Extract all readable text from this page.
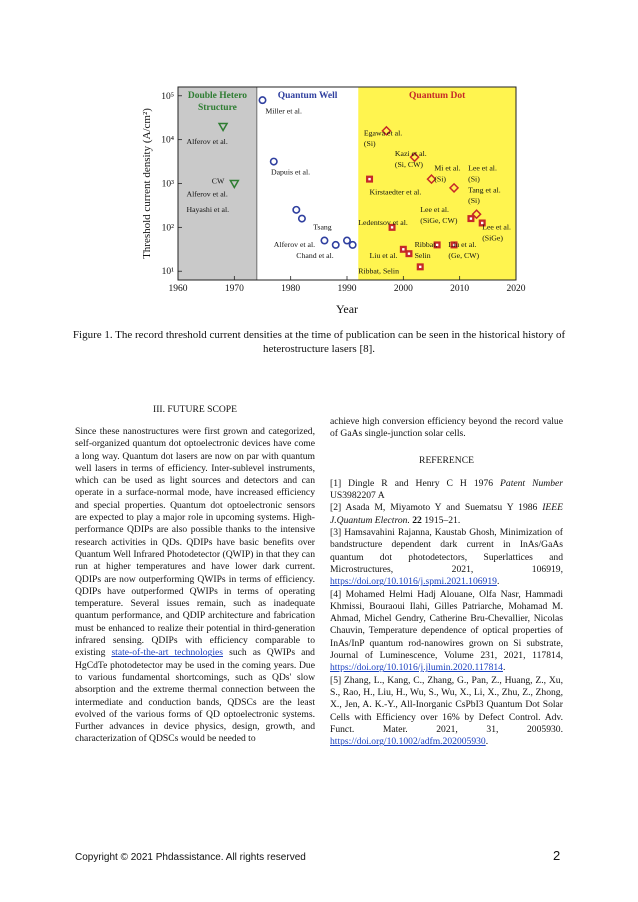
Double Hetero
Structure
Quantum Well	Quantum Dot
1960	1970	1980	1990	2000	2010	2020
10¹
10²
10³
10⁴
10⁵
Year
Threshold current density (A/cm²)	Miller et al.
Alferov et al.
CW
Alferov et al.
Hayashi et al.
Dapuis et al.
Tsang
Alferov et al.
Chand et al.
Egawa et al.
(Si)
Kazi et al.
(Si, CW) Mi et al.
(Si)
Lee et al.
(Si)
Tang et al.
(Si)
Kirstaedter et al.
Lee et al.
(SiGe, CW)
Lee et al.
(SiGe)
Ledentsov et al.
Ribbat,
Selin
Liu et al.
(Ge, CW)
Liu et al.
Ribbat, Selin
Figure 1. The record threshold current densities at the time of publication can be seen in the historical history of heterostructure lasers [8].
III. FUTURE SCOPE

Since these nanostructures were first grown and categorized, self-organized quantum dot optoelectronic devices have come a long way. Quantum dot lasers are now on par with quantum well lasers in terms of efficiency. Inter-sublevel instruments, which can be used as light sources and detectors and can operate in a surface-normal mode, have increased efficiency and special properties. Quantum dot optoelectronic sensors are expected to play a major role in upcoming systems. High-performance QDIPs are also possible thanks to the intensive research activities in QDs. QDIPs have basic benefits over Quantum Well Infrared Photodetector (QWIP) in that they can run at higher temperatures and have lower dark current. QDIPs are now outperforming QWIPs in terms of efficiency. QDIPs have outperformed QWIPs in terms of operating temperature. Several issues remain, such as inadequate quantum performance, and QDIP architecture and fabrication must be enhanced to realize their potential in third-generation infrared sensing. QDIPs with efficiency comparable to existing state-of-the-art technologies such as QWIPs and HgCdTe photodetector may be used in the coming years. Due to various fundamental shortcomings, such as QDs' slow absorption and the extreme thermal connection between the intermediate and conduction bands, QDSCs are the least evolved of the various forms of QD optoelectronic systems. Further advances in device physics, design, growth, and characterization of QDSCs would be needed to

achieve high conversion efficiency beyond the record value of GaAs single-junction solar cells.

REFERENCE

[1] Dingle R and Henry C H 1976 Patent Number US3982207 A

[2] Asada M, Miyamoto Y and Suematsu Y 1986 IEEE J.Quantum Electron. 22 1915–21.

[3] Hamsavahini Rajanna, Kaustab Ghosh, Minimization of bandstructure dependent dark current in InAs/GaAs quantum dot photodetectors, Superlattices and Microstructures, 2021, 106919, https://doi.org/10.1016/j.spmi.2021.106919.

[4] Mohamed Helmi Hadj Alouane, Olfa Nasr, Hammadi Khmissi, Bouraoui Ilahi, Gilles Patriarche, Mohamad M. Ahmad, Michel Gendry, Catherine Bru-Chevallier, Nicolas Chauvin, Temperature dependence of optical properties of InAs/InP quantum rod-nanowires grown on Si substrate, Journal of Luminescence, Volume 231, 2021, 117814, https://doi.org/10.1016/j.jlumin.2020.117814.

[5] Zhang, L., Kang, C., Zhang, G., Pan, Z., Huang, Z., Xu, S., Rao, H., Liu, H., Wu, S., Wu, X., Li, X., Zhu, Z., Zhong, X., Jen, A. K.-Y., All-Inorganic CsPbI3 Quantum Dot Solar Cells with Efficiency over 16% by Defect Control. Adv. Funct. Mater. 2021, 31, 2005930. https://doi.org/10.1002/adfm.202005930.

Copyright © 2021 Phdassistance. All rights reserved	2
